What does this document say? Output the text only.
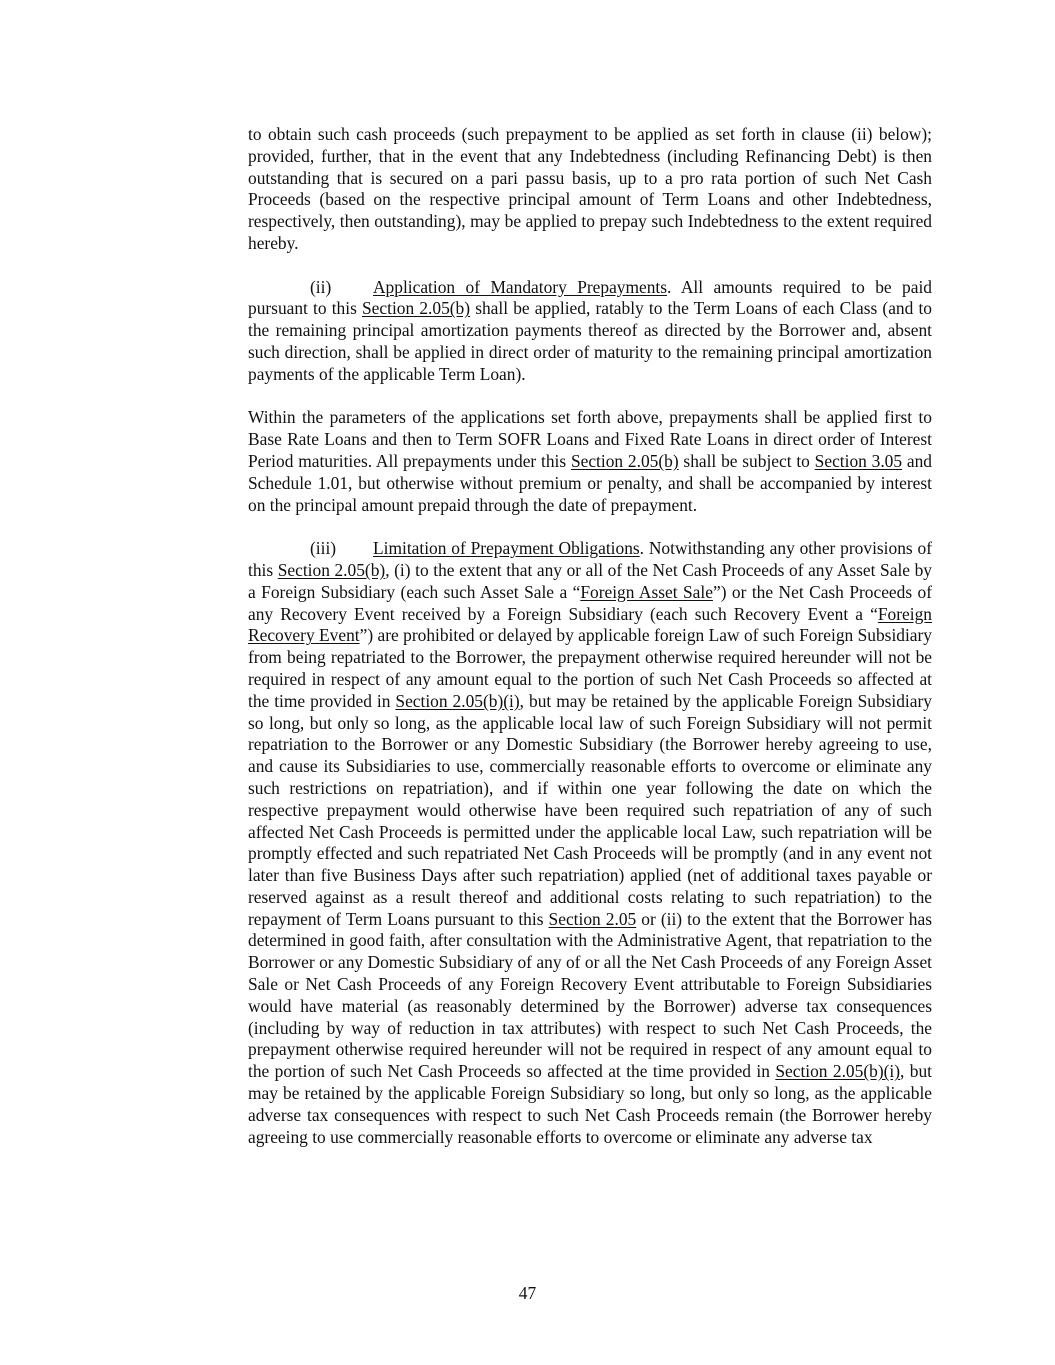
to obtain such cash proceeds (such prepayment to be applied as set forth in clause (ii) below); provided, further, that in the event that any Indebtedness (including Refinancing Debt) is then outstanding that is secured on a pari passu basis, up to a pro rata portion of such Net Cash Proceeds (based on the respective principal amount of Term Loans and other Indebtedness, respectively, then outstanding), may be applied to prepay such Indebtedness to the extent required hereby.

(ii) Application of Mandatory Prepayments. All amounts required to be paid pursuant to this Section 2.05(b) shall be applied, ratably to the Term Loans of each Class (and to the remaining principal amortization payments thereof as directed by the Borrower and, absent such direction, shall be applied in direct order of maturity to the remaining principal amortization payments of the applicable Term Loan).

Within the parameters of the applications set forth above, prepayments shall be applied first to Base Rate Loans and then to Term SOFR Loans and Fixed Rate Loans in direct order of Interest Period maturities. All prepayments under this Section 2.05(b) shall be subject to Section 3.05 and Schedule 1.01, but otherwise without premium or penalty, and shall be accompanied by interest on the principal amount prepaid through the date of prepayment.

(iii) Limitation of Prepayment Obligations. Notwithstanding any other provisions of this Section 2.05(b), (i) to the extent that any or all of the Net Cash Proceeds of any Asset Sale by a Foreign Subsidiary (each such Asset Sale a “Foreign Asset Sale”) or the Net Cash Proceeds of any Recovery Event received by a Foreign Subsidiary (each such Recovery Event a “Foreign Recovery Event”) are prohibited or delayed by applicable foreign Law of such Foreign Subsidiary from being repatriated to the Borrower, the prepayment otherwise required hereunder will not be required in respect of any amount equal to the portion of such Net Cash Proceeds so affected at the time provided in Section 2.05(b)(i), but may be retained by the applicable Foreign Subsidiary so long, but only so long, as the applicable local law of such Foreign Subsidiary will not permit repatriation to the Borrower or any Domestic Subsidiary (the Borrower hereby agreeing to use, and cause its Subsidiaries to use, commercially reasonable efforts to overcome or eliminate any such restrictions on repatriation), and if within one year following the date on which the respective prepayment would otherwise have been required such repatriation of any of such affected Net Cash Proceeds is permitted under the applicable local Law, such repatriation will be promptly effected and such repatriated Net Cash Proceeds will be promptly (and in any event not later than five Business Days after such repatriation) applied (net of additional taxes payable or reserved against as a result thereof and additional costs relating to such repatriation) to the repayment of Term Loans pursuant to this Section 2.05 or (ii) to the extent that the Borrower has determined in good faith, after consultation with the Administrative Agent, that repatriation to the Borrower or any Domestic Subsidiary of any of or all the Net Cash Proceeds of any Foreign Asset Sale or Net Cash Proceeds of any Foreign Recovery Event attributable to Foreign Subsidiaries would have material (as reasonably determined by the Borrower) adverse tax consequences (including by way of reduction in tax attributes) with respect to such Net Cash Proceeds, the prepayment otherwise required hereunder will not be required in respect of any amount equal to the portion of such Net Cash Proceeds so affected at the time provided in Section 2.05(b)(i), but may be retained by the applicable Foreign Subsidiary so long, but only so long, as the applicable adverse tax consequences with respect to such Net Cash Proceeds remain (the Borrower hereby agreeing to use commercially reasonable efforts to overcome or eliminate any adverse tax

47
